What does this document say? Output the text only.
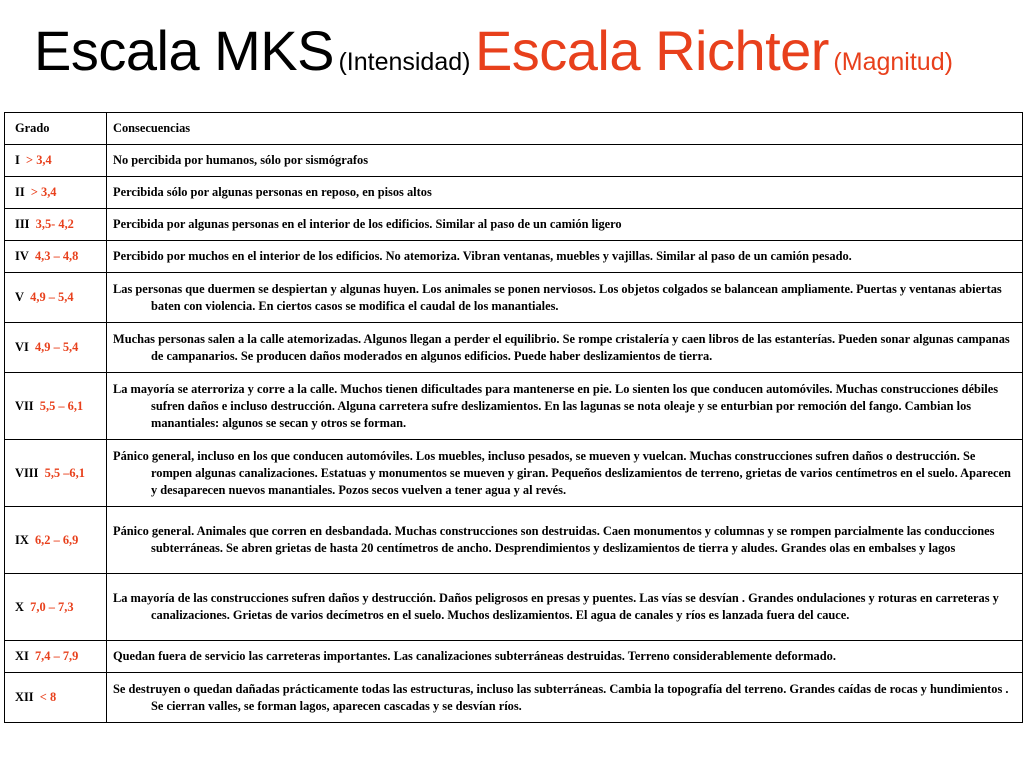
Escala MKS (Intensidad) Escala Richter (Magnitud)
Grado	Consecuencias
I > 3,4	No percibida por humanos, sólo por sismógrafos
II > 3,4	Percibida sólo por algunas personas en reposo, en pisos altos
III 3,5- 4,2	Percibida por algunas personas en el interior de los edificios. Similar al paso de un camión ligero
IV 4,3 – 4,8	Percibido por muchos en el interior de los edificios. No atemoriza. Vibran ventanas, muebles y vajillas. Similar al paso de un camión pesado.
V 4,9 – 5,4	Las personas que duermen se despiertan y algunas huyen. Los animales se ponen nerviosos. Los objetos colgados se balancean ampliamente. Puertas y ventanas abiertas baten con violencia. En ciertos casos se modifica el caudal de los manantiales.
VI 4,9 – 5,4	Muchas personas salen a la calle atemorizadas. Algunos llegan a perder el equilibrio. Se rompe cristalería y caen libros de las estanterías. Pueden sonar algunas campanas de campanarios. Se producen daños moderados en algunos edificios. Puede haber deslizamientos de tierra.
VII 5,5 – 6,1	La mayoría se aterroriza y corre a la calle. Muchos tienen dificultades para mantenerse en pie. Lo sienten los que conducen automóviles. Muchas construcciones débiles sufren daños e incluso destrucción. Alguna carretera sufre deslizamientos. En las lagunas se nota oleaje y se enturbian por remoción del fango. Cambian los manantiales: algunos se secan y otros se forman.
VIII 5,5 –6,1	Pánico general, incluso en los que conducen automóviles. Los muebles, incluso pesados, se mueven y vuelcan. Muchas construcciones sufren daños o destrucción. Se rompen algunas canalizaciones. Estatuas y monumentos se mueven y giran. Pequeños deslizamientos de terreno, grietas de varios centímetros en el suelo. Aparecen y desaparecen nuevos manantiales. Pozos secos vuelven a tener agua y al revés.
IX 6,2 – 6,9	Pánico general. Animales que corren en desbandada. Muchas construcciones son destruidas. Caen monumentos y columnas y se rompen parcialmente las conducciones subterráneas. Se abren grietas de hasta 20 centímetros de ancho. Desprendimientos y deslizamientos de tierra y aludes. Grandes olas en embalses y lagos
X 7,0 – 7,3	La mayoría de las construcciones sufren daños y destrucción. Daños peligrosos en presas y puentes. Las vías se desvían . Grandes ondulaciones y roturas en carreteras y canalizaciones. Grietas de varios decímetros en el suelo. Muchos deslizamientos. El agua de canales y ríos es lanzada fuera del cauce.
XI 7,4 – 7,9	Quedan fuera de servicio las carreteras importantes. Las canalizaciones subterráneas destruidas. Terreno considerablemente deformado.
XII < 8	Se destruyen o quedan dañadas prácticamente todas las estructuras, incluso las subterráneas. Cambia la topografía del terreno. Grandes caídas de rocas y hundimientos . Se cierran valles, se forman lagos, aparecen cascadas y se desvían ríos.
